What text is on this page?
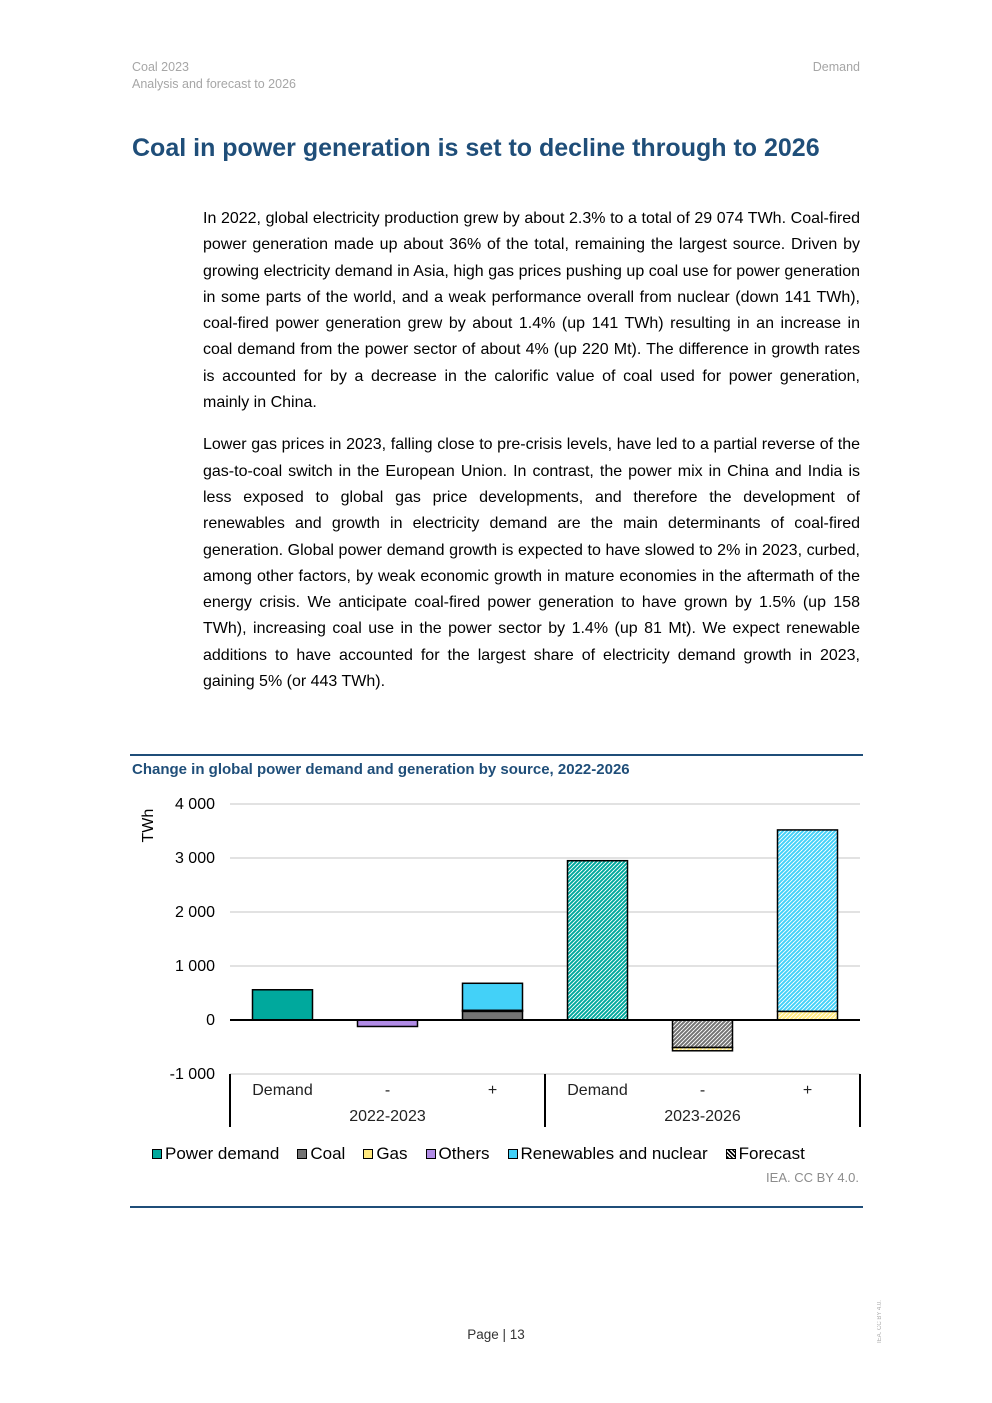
Coal 2023
Analysis and forecast to 2026
Demand
Coal in power generation is set to decline through to 2026

In 2022, global electricity production grew by about 2.3% to a total of 29 074 TWh. Coal-fired power generation made up about 36% of the total, remaining the largest source. Driven by growing electricity demand in Asia, high gas prices pushing up coal use for power generation in some parts of the world, and a weak performance overall from nuclear (down 141 TWh), coal-fired power generation grew by about 1.4% (up 141 TWh) resulting in an increase in coal demand from the power sector of about 4% (up 220 Mt). The difference in growth rates is accounted for by a decrease in the calorific value of coal used for power generation, mainly in China.

Lower gas prices in 2023, falling close to pre-crisis levels, have led to a partial reverse of the gas-to-coal switch in the European Union. In contrast, the power mix in China and India is less exposed to global gas price developments, and therefore the development of renewables and growth in electricity demand are the main determinants of coal-fired generation. Global power demand growth is expected to have slowed to 2% in 2023, curbed, among other factors, by weak economic growth in mature economies in the aftermath of the energy crisis. We anticipate coal-fired power generation to have grown by 1.5% (up 158 TWh), increasing coal use in the power sector by 1.4% (up 81 Mt). We expect renewable additions to have accounted for the largest share of electricity demand growth in 2023, gaining 5% (or 443 TWh).

Change in global power demand and generation by source, 2022-2026
-1 000
0
1 000
2 000
3 000
4 000
TWh
Demand	-	+	Demand	-	+
2022-2023	2023-2026
Power demand Coal Gas Others Renewables and nuclear Forecast
IEA. CC BY 4.0.
Page | 13	IEA. CC BY 4.0.
